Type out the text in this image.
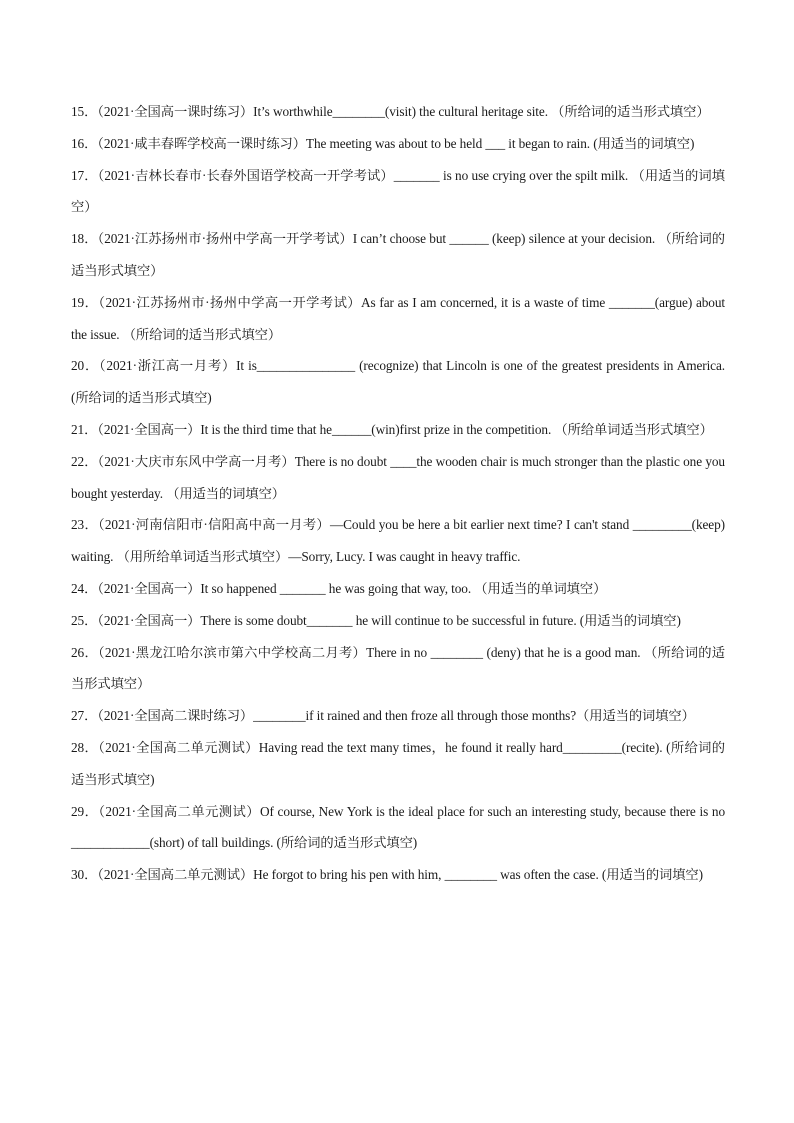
15．（2021·全国高一课时练习）It’s worthwhile________(visit) the cultural heritage site. （所给词的适当形式填空）
16．（2021·咸丰春晖学校高一课时练习）The meeting was about to be held ___ it began to rain. (用适当的词填空)
17．（2021·吉林长春市·长春外国语学校高一开学考试）_______ is no use crying over the spilt milk. （用适当的词填空）
18．（2021·江苏扬州市·扬州中学高一开学考试）I can’t choose but ______ (keep) silence at your decision. （所给词的适当形式填空）
19．（2021·江苏扬州市·扬州中学高一开学考试）As far as I am concerned, it is a waste of time _______(argue) about the issue. （所给词的适当形式填空）
20．（2021·浙江高一月考）It is_______________ (recognize) that Lincoln is one of the greatest presidents in America. (所给词的适当形式填空)
21．（2021·全国高一）It is the third time that he______(win)first prize in the competition. （所给单词适当形式填空）
22．（2021·大庆市东风中学高一月考）There is no doubt ____the wooden chair is much stronger than the plastic one you bought yesterday. （用适当的词填空）
23．（2021·河南信阳市·信阳高中高一月考）—Could you be here a bit earlier next time? I can't stand _________(keep) waiting. （用所给单词适当形式填空）—Sorry, Lucy. I was caught in heavy traffic.
24．（2021·全国高一）It so happened _______ he was going that way, too. （用适当的单词填空）
25．（2021·全国高一）There is some doubt_______ he will continue to be successful in future. (用适当的词填空)
26．（2021·黑龙江哈尔滨市第六中学校高二月考）There in no ________ (deny) that he is a good man. （所给词的适当形式填空）
27．（2021·全国高二课时练习）________if it rained and then froze all through those months?（用适当的词填空）
28．（2021·全国高二单元测试）Having read the text many times，he found it really hard_________(recite). (所给词的适当形式填空)
29．（2021·全国高二单元测试）Of course, New York is the ideal place for such an interesting study, because there is no ____________(short) of tall buildings. (所给词的适当形式填空)
30．（2021·全国高二单元测试）He forgot to bring his pen with him, ________ was often the case. (用适当的词填空)
